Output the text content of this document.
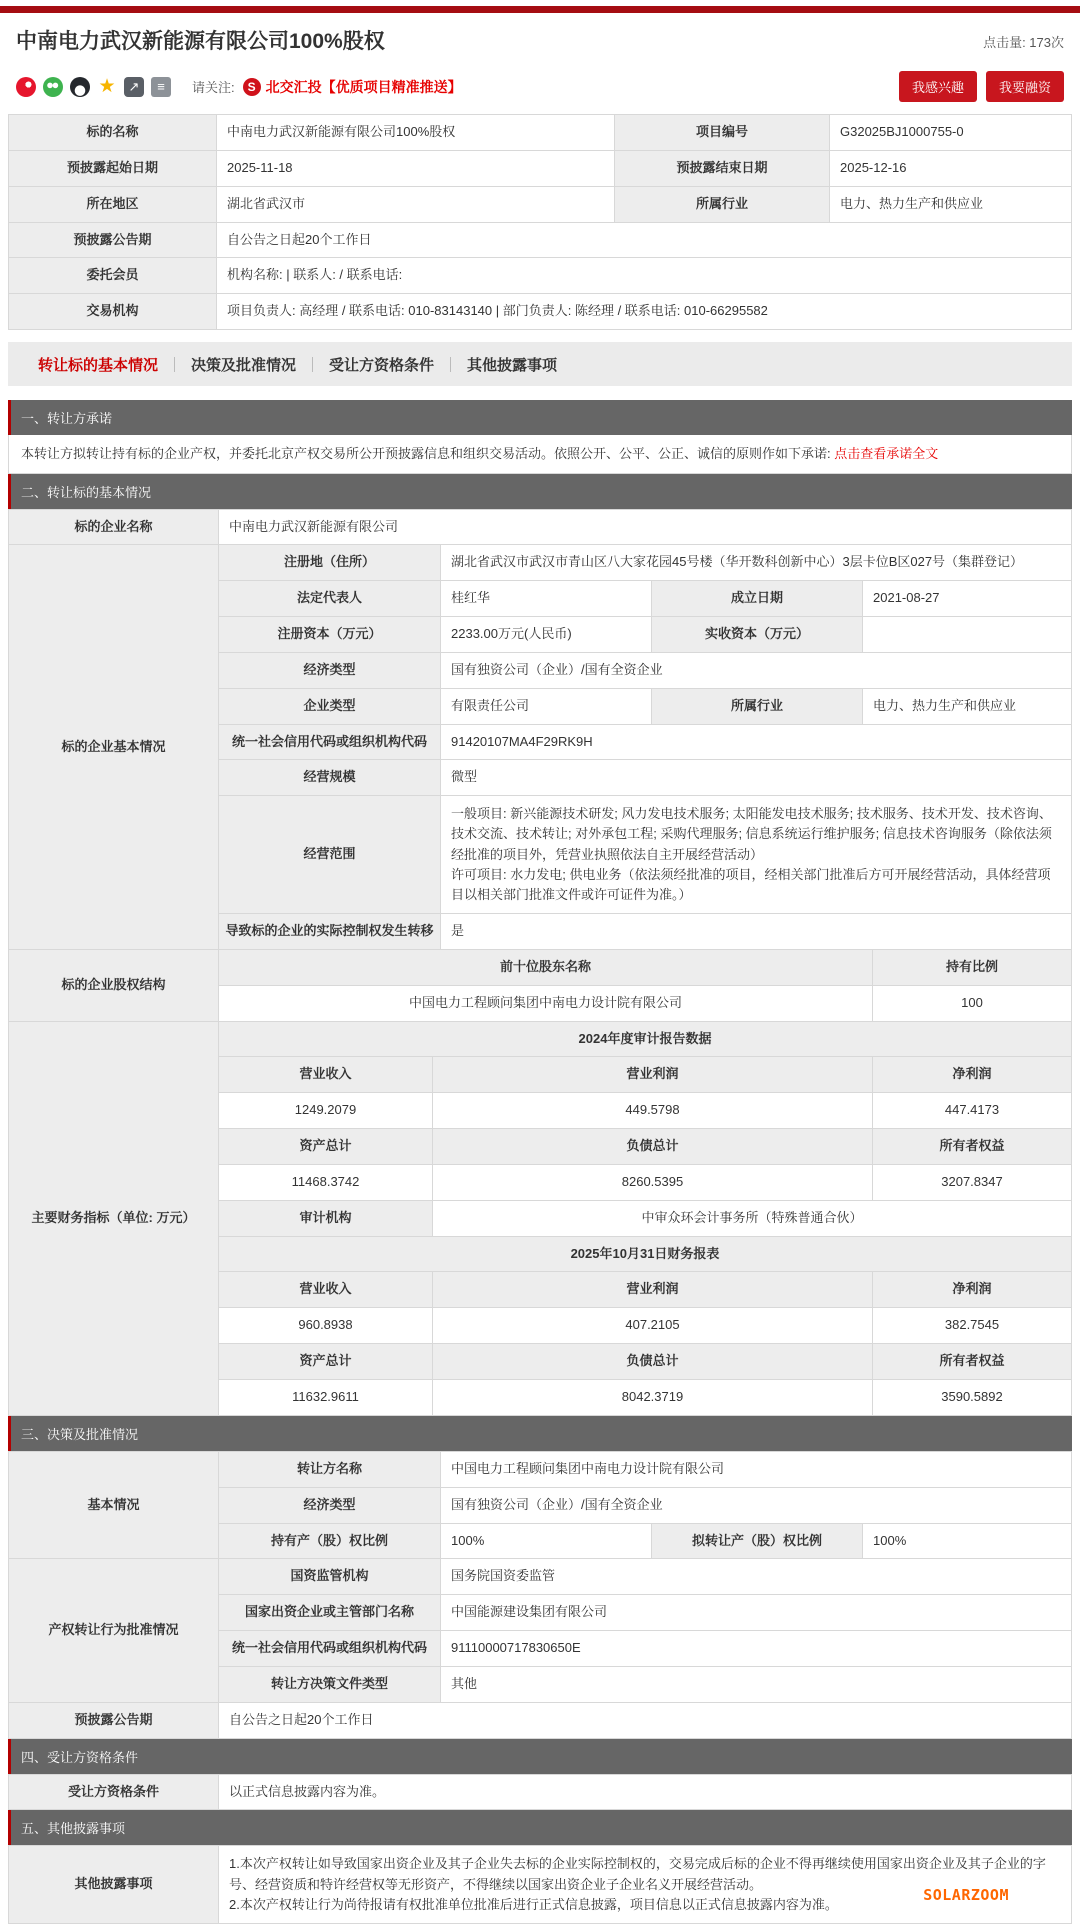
中南电力武汉新能源有限公司100%股权	点击量: 173次
★
↗
≡
请关注: S 北交汇投【优质项目精准推送】	我感兴趣	我要融资
标的名称	中南电力武汉新能源有限公司100%股权	项目编号	G32025BJ1000755-0
预披露起始日期	2025-11-18	预披露结束日期	2025-12-16
所在地区	湖北省武汉市	所属行业	电力、热力生产和供应业
预披露公告期	自公告之日起20个工作日		
委托会员	机构名称: | 联系人: / 联系电话:		
交易机构	项目负责人: 高经理 / 联系电话: 010-83143140 | 部门负责人: 陈经理 / 联系电话: 010-66295582		
转让标的基本情况 决策及批准情况 受让方资格条件 其他披露事项
一、转让方承诺
本转让方拟转让持有标的企业产权，并委托北京产权交易所公开预披露信息和组织交易活动。依照公开、公平、公正、诚信的原则作如下承诺: 点击查看承诺全文
二、转让标的基本情况
标的企业名称	中南电力武汉新能源有限公司			
标的企业基本情况	注册地（住所）	湖北省武汉市武汉市青山区八大家花园45号楼（华开数科创新中心）3层卡位B区027号（集群登记）		
	法定代表人	桂红华	成立日期	2021-08-27
	注册资本（万元）	2233.00万元(人民币)	实收资本（万元）	
	经济类型	国有独资公司（企业）/国有全资企业		
	企业类型	有限责任公司	所属行业	电力、热力生产和供应业
	统一社会信用代码或组织机构代码	91420107MA4F29RK9H		
	经营规模	微型		
	经营范围	一般项目: 新兴能源技术研发; 风力发电技术服务; 太阳能发电技术服务; 技术服务、技术开发、技术咨询、技术交流、技术转让; 对外承包工程; 采购代理服务; 信息系统运行维护服务; 信息技术咨询服务（除依法须经批准的项目外，凭营业执照依法自主开展经营活动）
许可项目: 水力发电; 供电业务（依法须经批准的项目，经相关部门批准后方可开展经营活动，具体经营项目以相关部门批准文件或许可证件为准。）		

	导致标的企业的实际控制权发生转移	是		
标的企业股权结构	前十位股东名称	持有比例
	中国电力工程顾问集团中南电力设计院有限公司	100
主要财务指标（单位: 万元）	2024年度审计报告数据		
	营业收入	营业利润	净利润
	1249.2079	449.5798	447.4173
	资产总计	负债总计	所有者权益
	11468.3742	8260.5395	3207.8347
	审计机构	中审众环会计事务所（特殊普通合伙）	
	2025年10月31日财务报表		
	营业收入	营业利润	净利润
	960.8938	407.2105	382.7545
	资产总计	负债总计	所有者权益
	11632.9611	8042.3719	3590.5892
三、决策及批准情况
基本情况	转让方名称	中国电力工程顾问集团中南电力设计院有限公司		
	经济类型	国有独资公司（企业）/国有全资企业		
	持有产（股）权比例	100%	拟转让产（股）权比例	100%
产权转让行为批准情况	国资监管机构	国务院国资委监管		
	国家出资企业或主管部门名称	中国能源建设集团有限公司		
	统一社会信用代码或组织机构代码	91110000717830650E		
	转让方决策文件类型	其他		
预披露公告期	自公告之日起20个工作日			
四、受让方资格条件
受让方资格条件	以正式信息披露内容为准。
五、其他披露事项
其他披露事项	
1.本次产权转让如导致国家出资企业及其子企业失去标的企业实际控制权的，交易完成后标的企业不得再继续使用国家出资企业及其子企业的字号、经营资质和特许经营权等无形资产，不得继续以国家出资企业子企业名义开展经营活动。
2.本次产权转让行为尚待报请有权批准单位批准后进行正式信息披露，项目信息以正式信息披露内容为准。
SOLARZOOM
